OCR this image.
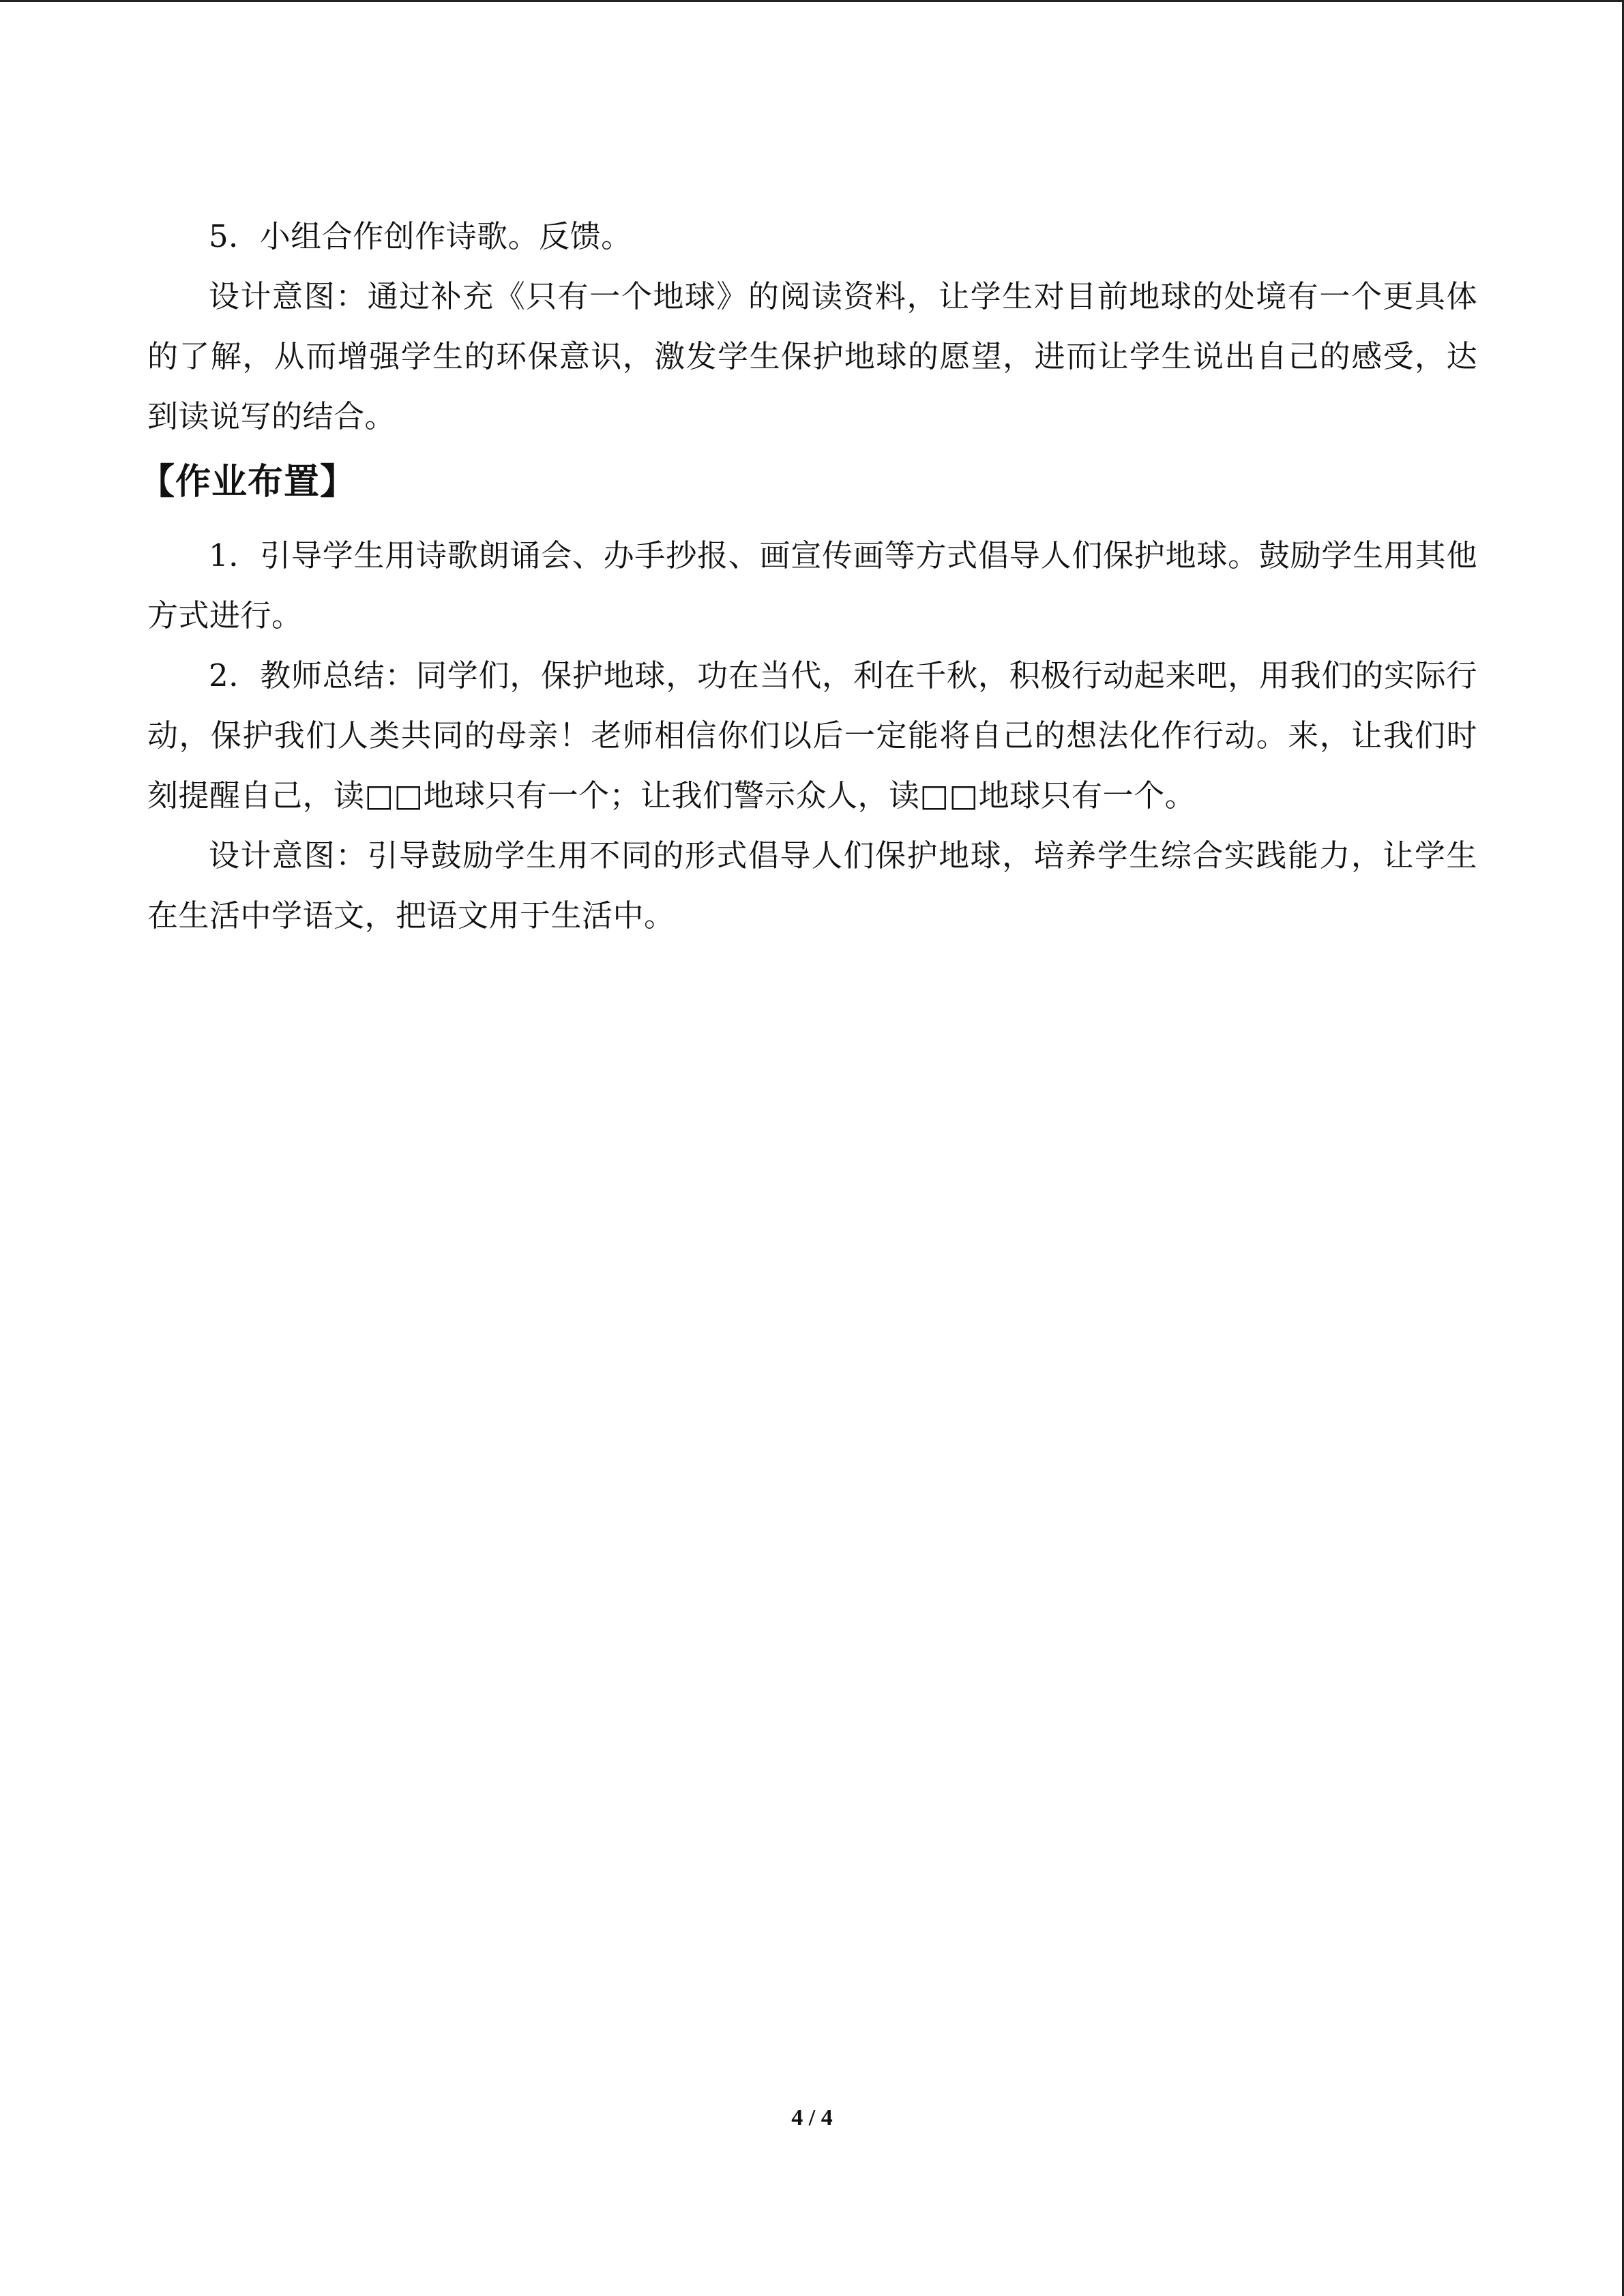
5．小组合作创作诗歌。反馈。

设计意图：通过补充《只有一个地球》的阅读资料，让学生对目前地球的处境有一个更具体的了解，从而增强学生的环保意识，激发学生保护地球的愿望，进而让学生说出自己的感受，达到读说写的结合。

【作业布置】

1．引导学生用诗歌朗诵会、办手抄报、画宣传画等方式倡导人们保护地球。鼓励学生用其他方式进行。

2．教师总结：同学们，保护地球，功在当代，利在千秋，积极行动起来吧，用我们的实际行动，保护我们人类共同的母亲！老师相信你们以后一定能将自己的想法化作行动。来，让我们时刻提醒自己，读□□地球只有一个；让我们警示众人，读□□地球只有一个。

设计意图：引导鼓励学生用不同的形式倡导人们保护地球，培养学生综合实践能力，让学生在生活中学语文，把语文用于生活中。

4 / 4
